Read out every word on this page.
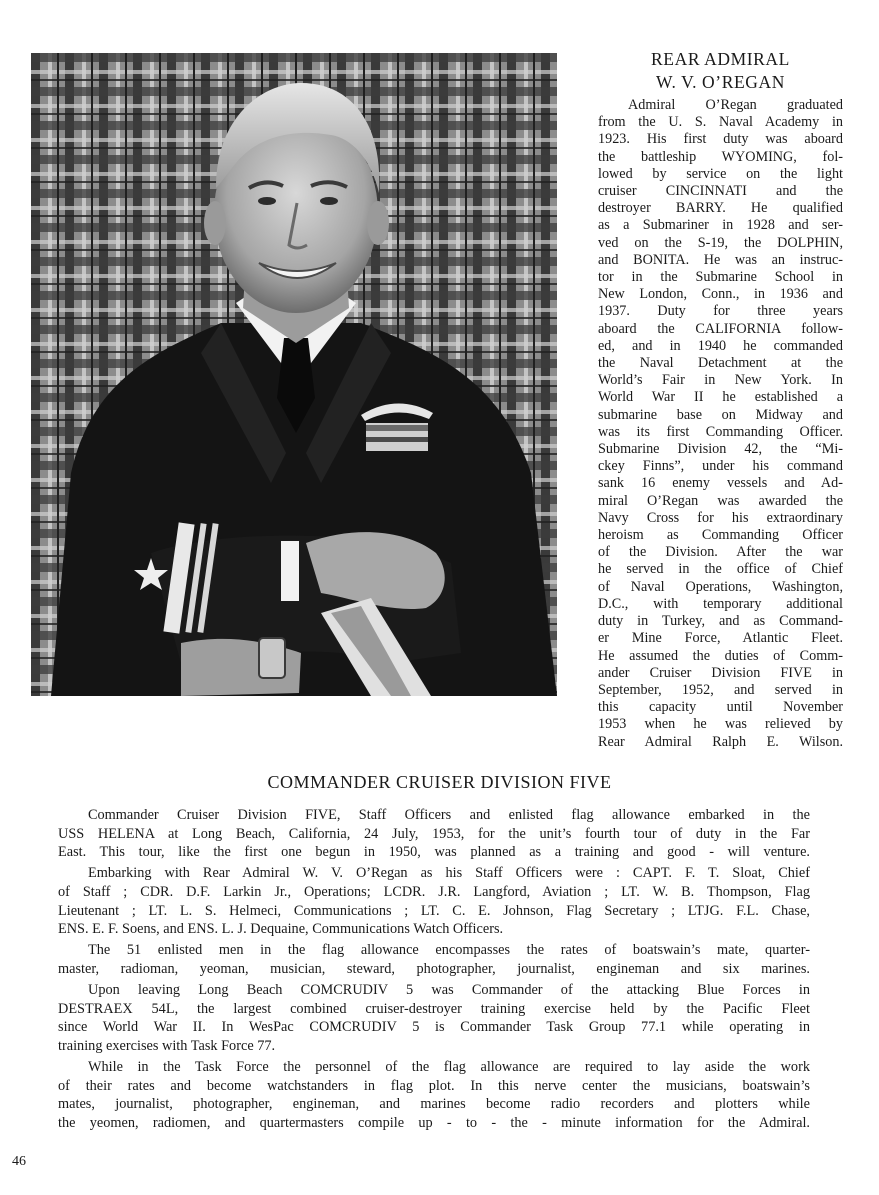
REAR ADMIRAL
W. V. O’REGAN
Admiral O’Regan graduated
from the U. S. Naval Academy in
1923. His first duty was aboard
the battleship WYOMING, fol-
lowed by service on the light
cruiser CINCINNATI and the
destroyer BARRY. He qualified
as a Submariner in 1928 and ser-
ved on the S-19, the DOLPHIN,
and BONITA. He was an instruc-
tor in the Submarine School in
New London, Conn., in 1936 and
1937. Duty for three years
aboard the CALIFORNIA follow-
ed, and in 1940 he commanded
the Naval Detachment at the
World’s Fair in New York. In
World War II he established a
submarine base on Midway and
was its first Commanding Officer.
Submarine Division 42, the “Mi-
ckey Finns”, under his command
sank 16 enemy vessels and Ad-
miral O’Regan was awarded the
Navy Cross for his extraordinary
heroism as Commanding Officer
of the Division. After the war
he served in the office of Chief
of Naval Operations, Washington,
D.C., with temporary additional
duty in Turkey, and as Command-
er Mine Force, Atlantic Fleet.
He assumed the duties of Comm-
ander Cruiser Division FIVE in
September, 1952, and served in
this capacity until November
1953 when he was relieved by
Rear Admiral Ralph E. Wilson.
COMMANDER CRUISER DIVISION FIVE
Commander Cruiser Division FIVE, Staff Officers and enlisted flag allowance embarked in the
USS HELENA at Long Beach, California, 24 July, 1953, for the unit’s fourth tour of duty in the Far
East. This tour, like the first one begun in 1950, was planned as a training and good - will venture.
Embarking with Rear Admiral W. V. O’Regan as his Staff Officers were : CAPT. F. T. Sloat, Chief
of Staff ; CDR. D.F. Larkin Jr., Operations; LCDR. J.R. Langford, Aviation ; LT. W. B. Thompson, Flag
Lieutenant ; LT. L. S. Helmeci, Communications ; LT. C. E. Johnson, Flag Secretary ; LTJG. F.L. Chase,
ENS. E. F. Soens, and ENS. L. J. Dequaine, Communications Watch Officers.
The 51 enlisted men in the flag allowance encompasses the rates of boatswain’s mate, quarter-
master, radioman, yeoman, musician, steward, photographer, journalist, engineman and six marines.
Upon leaving Long Beach COMCRUDIV 5 was Commander of the attacking Blue Forces in
DESTRAEX 54L, the largest combined cruiser-destroyer training exercise held by the Pacific Fleet
since World War II. In WesPac COMCRUDIV 5 is Commander Task Group 77.1 while operating in
training exercises with Task Force 77.
While in the Task Force the personnel of the flag allowance are required to lay aside the work
of their rates and become watchstanders in flag plot. In this nerve center the musicians, boatswain’s
mates, journalist, photographer, engineman, and marines become radio recorders and plotters while
the yeomen, radiomen, and quartermasters compile up - to - the - minute information for the Admiral.
46
